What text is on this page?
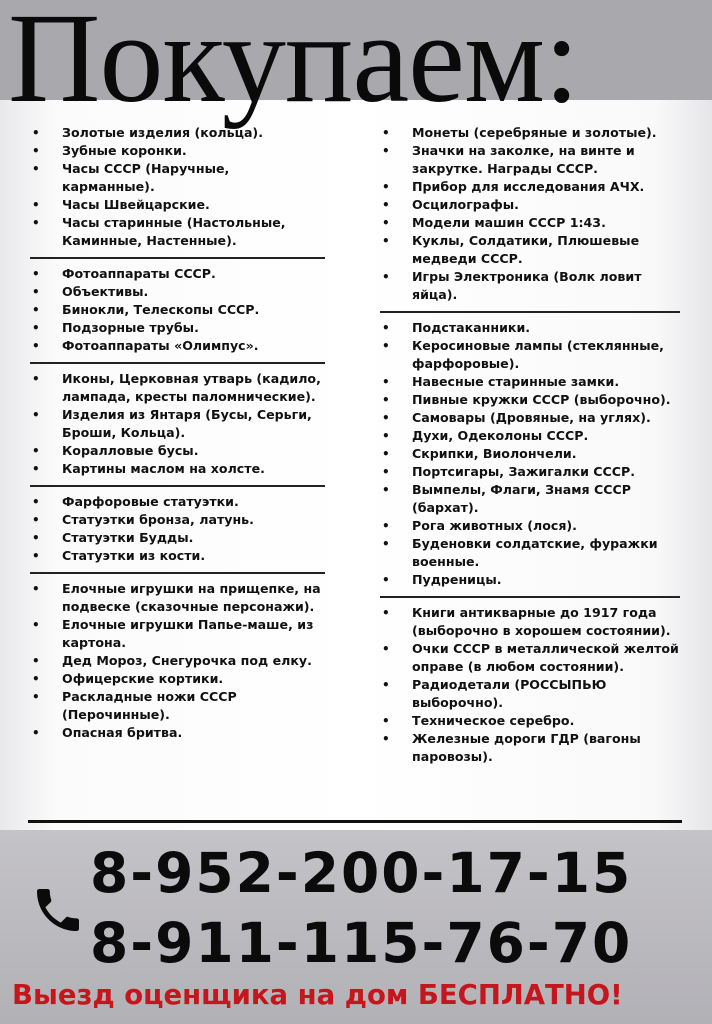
Покупаем:
• Золотые изделия (кольца).
• Зубные коронки.
• Часы СССР (Наручные, карманные).
• Часы Швейцарские.
• Часы старинные (Настольные, Каминные, Настенные).
• Фотоаппараты СССР.
• Объективы.
• Бинокли, Телескопы СССР.
• Подзорные трубы.
• Фотоаппараты «Олимпус».
• Иконы, Церковная утварь (кадило, лампада, кресты паломнические).
• Изделия из Янтаря (Бусы, Серьги, Броши, Кольца).
• Коралловые бусы.
• Картины маслом на холсте.
• Фарфоровые статуэтки.
• Статуэтки бронза, латунь.
• Статуэтки Будды.
• Статуэтки из кости.
• Елочные игрушки на прищепке, на подвеске (сказочные персонажи).
• Елочные игрушки Папье-маше, из картона.
• Дед Мороз, Снегурочка под елку.
• Офицерские кортики.
• Раскладные ножи СССР (Перочинные).
• Опасная бритва.
• Монеты (серебряные и золотые).
• Значки на заколке, на винте и закрутке. Награды СССР.
• Прибор для исследования АЧХ.
• Осцилографы.
• Модели машин СССР 1:43.
• Куклы, Солдатики, Плюшевые медведи СССР.
• Игры Электроника (Волк ловит яйца).
• Подстаканники.
• Керосиновые лампы (стеклянные, фарфоровые).
• Навесные старинные замки.
• Пивные кружки СССР (выборочно).
• Самовары (Дровяные, на углях).
• Духи, Одеколоны СССР.
• Скрипки, Виолончели.
• Портсигары, Зажигалки СССР.
• Вымпелы, Флаги, Знамя СССР (бархат).
• Рога животных (лося).
• Буденовки солдатские, фуражки военные.
• Пудреницы.
• Книги антикварные до 1917 года (выборочно в хорошем состоянии).
• Очки СССР в металлической желтой оправе (в любом состоянии).
• Радиодетали (РОССЫПЬЮ выборочно).
• Техническое серебро.
• Железные дороги ГДР (вагоны паровозы).
8-952-200-17-15
8-911-115-76-70
Выезд оценщика на дом БЕСПЛАТНО!
